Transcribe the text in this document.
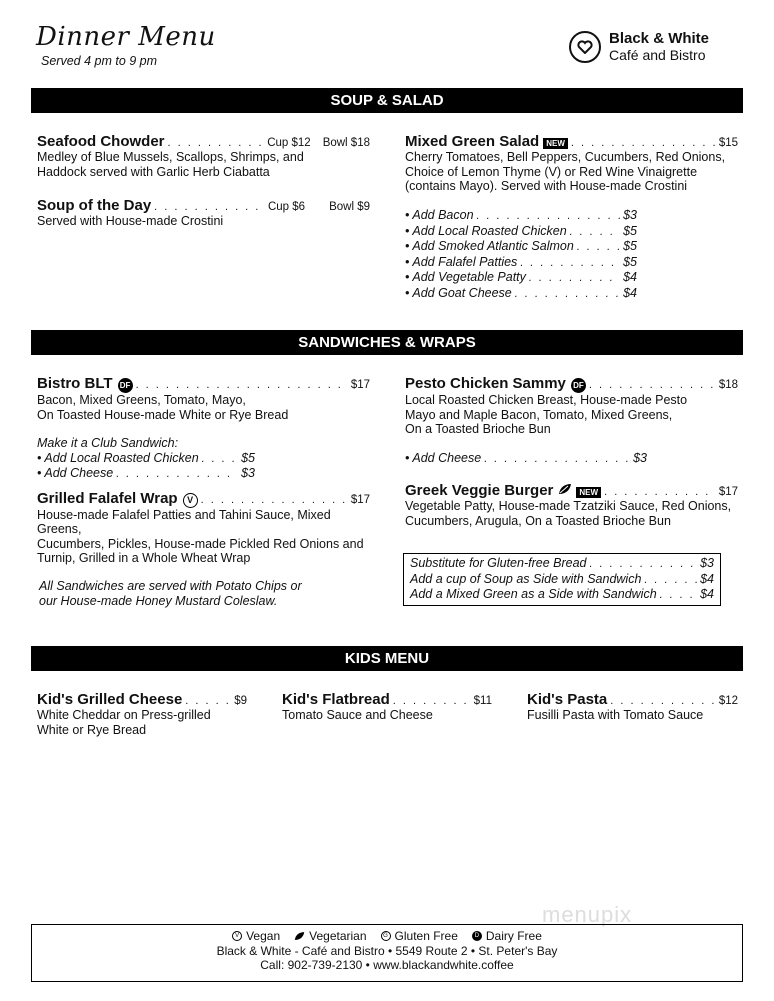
Dinner Menu
Served 4 pm to 9 pm
Black & White
Café and Bistro
SOUP & SALAD
Seafood Chowder . . .	Cup $12 Bowl $18
Medley of Blue Mussels, Scallops, Shrimps, and
Haddock served with Garlic Herb Ciabatta
Soup of the Day . . .	Cup $6 Bowl $9
Served with House-made Crostini
Mixed Green Salad NEW . . .	$15
Cherry Tomatoes, Bell Peppers, Cucumbers, Red Onions,
Choice of Lemon Thyme (V) or Red Wine Vinaigrette
(contains Mayo). Served with House-made Crostini
• Add Bacon . . .	$3
• Add Local Roasted Chicken . . .	$5
• Add Smoked Atlantic Salmon . . .	$5
• Add Falafel Patties . . .	$5
• Add Vegetable Patty . . .	$4
• Add Goat Cheese . . .	$4
SANDWICHES & WRAPS
Bistro BLT DF . . .	$17
Bacon, Mixed Greens, Tomato, Mayo,
On Toasted House-made White or Rye Bread
Make it a Club Sandwich:
• Add Local Roasted Chicken . . .	$5
• Add Cheese . . .	$3
Grilled Falafel Wrap	V . . .	$17
House-made Falafel Patties and Tahini Sauce, Mixed Greens,
Cucumbers, Pickles, House-made Pickled Red Onions and
Turnip, Grilled in a Whole Wheat Wrap
All Sandwiches are served with Potato Chips or
our House-made Honey Mustard Coleslaw.
Pesto Chicken Sammy DF . . .	$18
Local Roasted Chicken Breast, House-made Pesto
Mayo and Maple Bacon, Tomato, Mixed Greens,
On a Toasted Brioche Bun
• Add Cheese . . .	$3
Greek Veggie Burger	NEW . . .	$17
Vegetable Patty, House-made Tzatziki Sauce, Red Onions,
Cucumbers, Arugula, On a Toasted Brioche Bun
Substitute for Gluten-free Bread . . .	$3
Add a cup of Soup as Side with Sandwich . . .	$4
Add a Mixed Green as a Side with Sandwich . . .	$4
KIDS MENU
Kid's Grilled Cheese . . .	$9
White Cheddar on Press-grilled
White or Rye Bread
Kid's Flatbread . . .	$11
Tomato Sauce and Cheese
Kid's Pasta . . .	$12
Fusilli Pasta with Tomato Sauce
menupix
V Vegan Vegetarian	G Gluten Free	D Dairy Free
Black & White - Café and Bistro • 5549 Route 2 • St. Peter's Bay
Call: 902-739-2130 • www.blackandwhite.coffee
